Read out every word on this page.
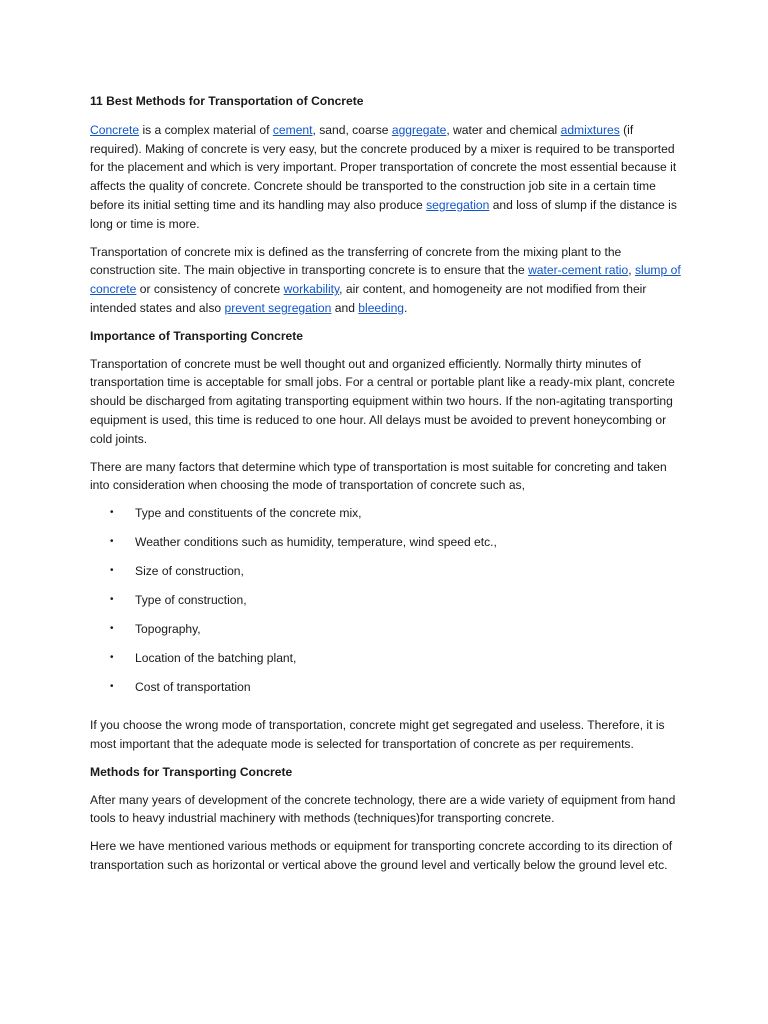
11 Best Methods for Transportation of Concrete

Concrete is a complex material of cement, sand, coarse aggregate, water and chemical admixtures (if required). Making of concrete is very easy, but the concrete produced by a mixer is required to be transported for the placement and which is very important. Proper transportation of concrete the most essential because it affects the quality of concrete. Concrete should be transported to the construction job site in a certain time before its initial setting time and its handling may also produce segregation and loss of slump if the distance is long or time is more.

Transportation of concrete mix is defined as the transferring of concrete from the mixing plant to the construction site. The main objective in transporting concrete is to ensure that the water-cement ratio, slump of concrete or consistency of concrete workability, air content, and homogeneity are not modified from their intended states and also prevent segregation and bleeding.

Importance of Transporting Concrete

Transportation of concrete must be well thought out and organized efficiently. Normally thirty minutes of transportation time is acceptable for small jobs. For a central or portable plant like a ready-mix plant, concrete should be discharged from agitating transporting equipment within two hours. If the non-agitating transporting equipment is used, this time is reduced to one hour. All delays must be avoided to prevent honeycombing or cold joints.

There are many factors that determine which type of transportation is most suitable for concreting and taken into consideration when choosing the mode of transportation of concrete such as,

• Type and constituents of the concrete mix,
• Weather conditions such as humidity, temperature, wind speed etc.,
• Size of construction,
• Type of construction,
• Topography,
• Location of the batching plant,
• Cost of transportation

If you choose the wrong mode of transportation, concrete might get segregated and useless. Therefore, it is most important that the adequate mode is selected for transportation of concrete as per requirements.

Methods for Transporting Concrete

After many years of development of the concrete technology, there are a wide variety of equipment from hand tools to heavy industrial machinery with methods (techniques)for transporting concrete.

Here we have mentioned various methods or equipment for transporting concrete according to its direction of transportation such as horizontal or vertical above the ground level and vertically below the ground level etc.
